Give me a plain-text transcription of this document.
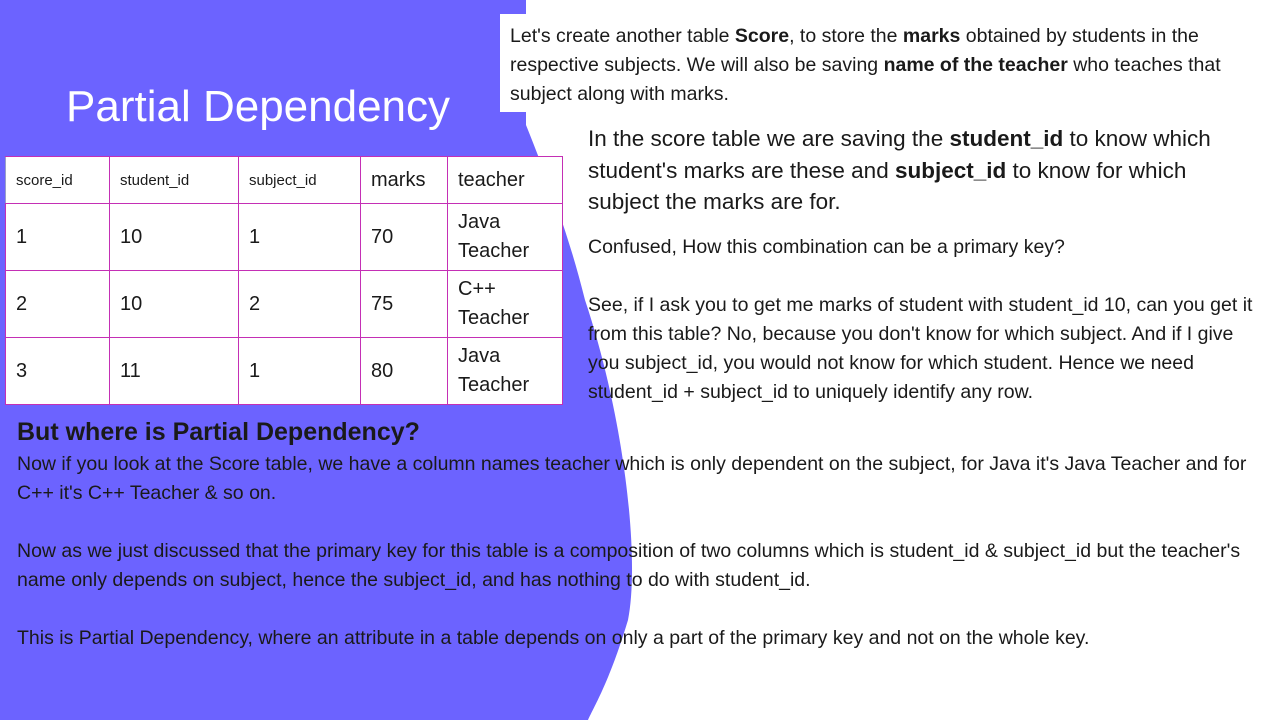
Partial Dependency
Let's create another table Score, to store the marks obtained by students in the respective subjects. We will also be saving name of the teacher who teaches that subject along with marks.
score_id	student_id	subject_id	marks	teacher
1	10	1	70	Java Teacher
2	10	2	75	C++ Teacher
3	11	1	80	Java Teacher
In the score table we are saving the student_id to know which student's marks are these and subject_id to know for which subject the marks are for.

Confused, How this combination can be a primary key?

See, if I ask you to get me marks of student with student_id 10, can you get it from this table? No, because you don't know for which subject. And if I give you subject_id, you would not know for which student. Hence we need student_id + subject_id to uniquely identify any row.

But where is Partial Dependency?

Now if you look at the Score table, we have a column names teacher which is only dependent on the subject, for Java it's Java Teacher and for C++ it's C++ Teacher & so on.

Now as we just discussed that the primary key for this table is a composition of two columns which is student_id & subject_id but the teacher's name only depends on subject, hence the subject_id, and has nothing to do with student_id.

This is Partial Dependency, where an attribute in a table depends on only a part of the primary key and not on the whole key.
